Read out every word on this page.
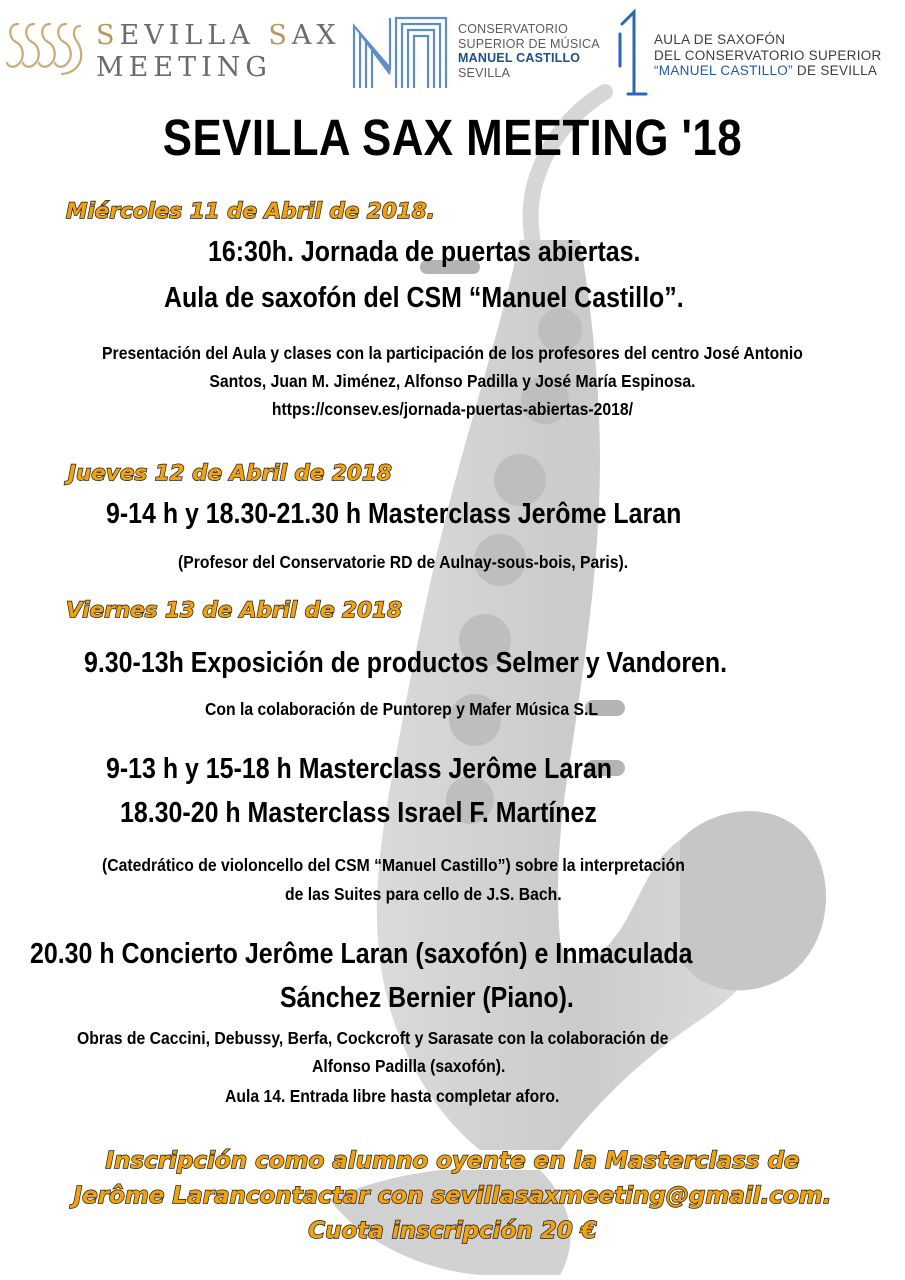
SEVILLA SAX
MEETING
CONSERVATORIO
SUPERIOR DE MÚSICA
MANUEL CASTILLO
SEVILLA
AULA DE SAXOFÓN
DEL CONSERVATORIO SUPERIOR
“MANUEL CASTILLO” DE SEVILLA
SEVILLA SAX MEETING '18
Miércoles 11 de Abril de 2018.
16:30h. Jornada de puertas abiertas.
Aula de saxofón del CSM “Manuel Castillo”.
Presentación del Aula y clases con la participación de los profesores del centro José Antonio
Santos, Juan M. Jiménez, Alfonso Padilla y José María Espinosa.
https://consev.es/jornada-puertas-abiertas-2018/
Jueves 12 de Abril de 2018
9-14 h y 18.30-21.30 h Masterclass Jerôme Laran
(Profesor del Conservatorie RD de Aulnay-sous-bois, Paris).
Viernes 13 de Abril de 2018
9.30-13h Exposición de productos Selmer y Vandoren.
Con la colaboración de Puntorep y Mafer Música S.L
9-13 h y 15-18 h Masterclass Jerôme Laran
18.30-20 h Masterclass Israel F. Martínez
(Catedrático de violoncello del CSM “Manuel Castillo”) sobre la interpretación
de las Suites para cello de J.S. Bach.
20.30 h Concierto Jerôme Laran (saxofón) e Inmaculada
Sánchez Bernier (Piano).
Obras de Caccini, Debussy, Berfa, Cockcroft y Sarasate con la colaboración de
Alfonso Padilla (saxofón).
Aula 14. Entrada libre hasta completar aforo.
Inscripción como alumno oyente en la Masterclass de
Jerôme Larancontactar con sevillasaxmeeting@gmail.com.
Cuota inscripción 20 €
